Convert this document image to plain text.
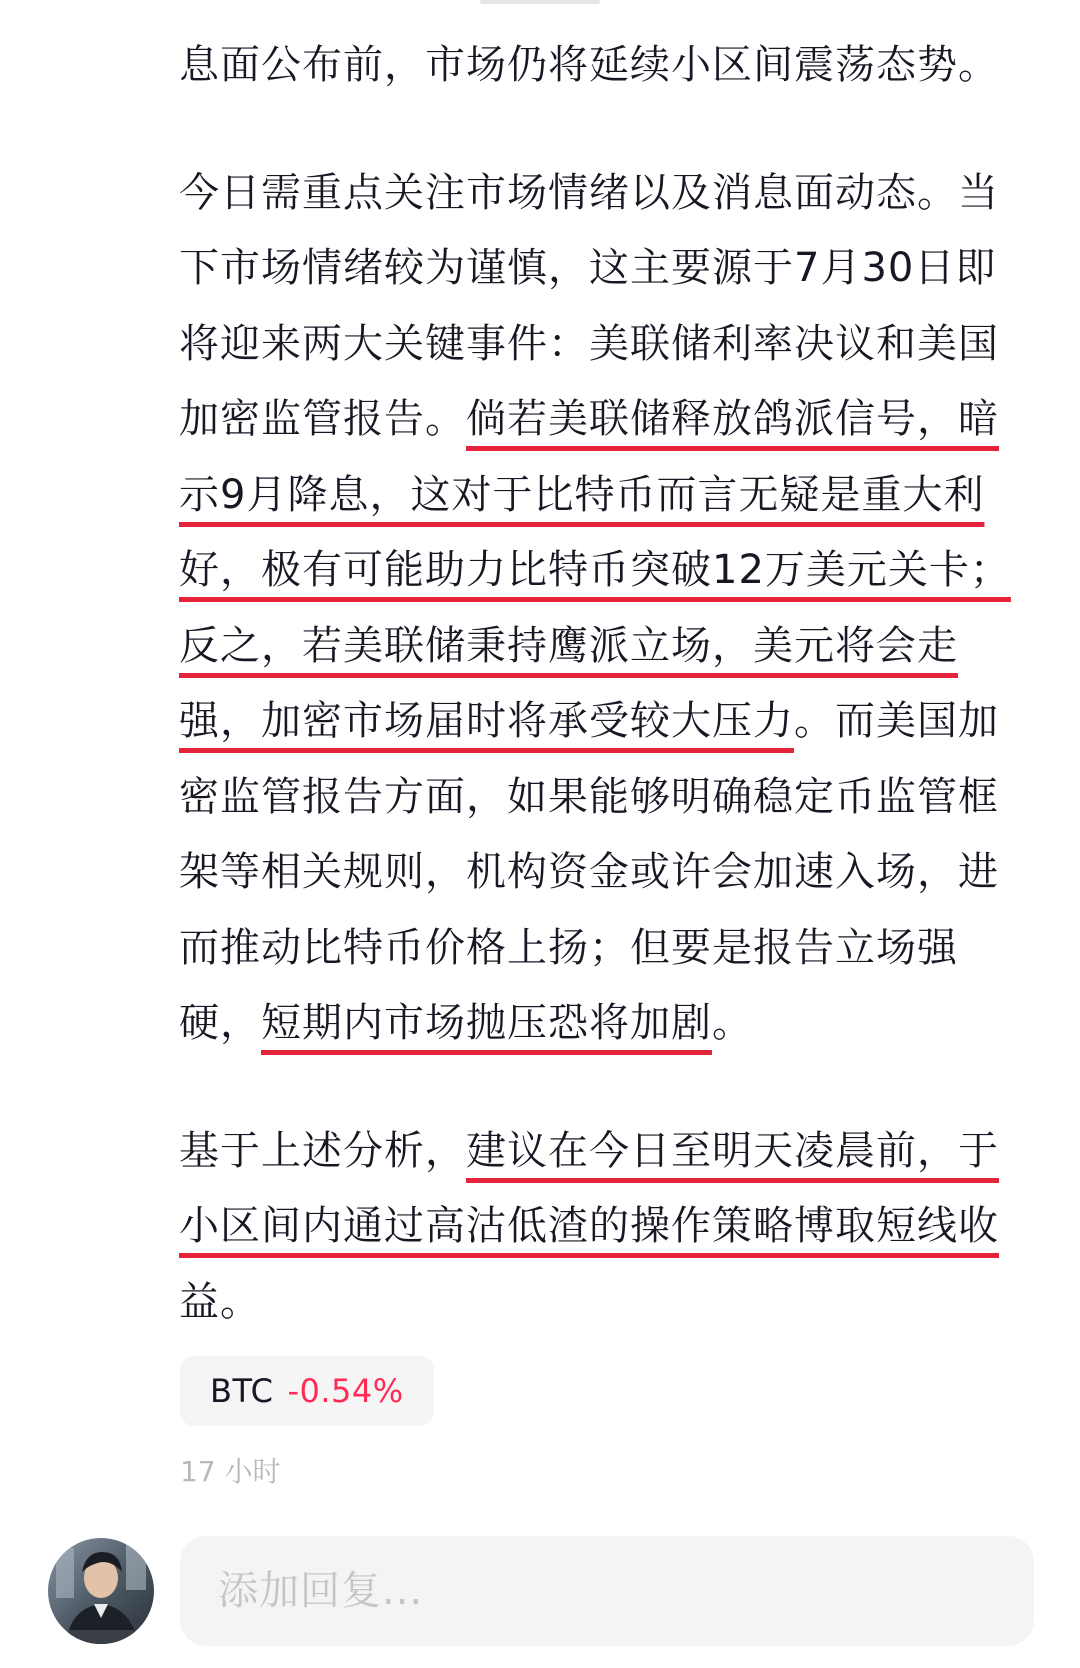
息面公布前，市场仍将延续小区间震荡态势。

今日需重点关注市场情绪以及消息面动态。当下市场情绪较为谨慎，这主要源于7月30日即将迎来两大关键事件：美联储利率决议和美国加密监管报告。倘若美联储释放鸽派信号，暗示9月降息，这对于比特币而言无疑是重大利好，极有可能助力比特币突破12万美元关卡；反之，若美联储秉持鹰派立场，美元将会走强，加密市场届时将承受较大压力。而美国加密监管报告方面，如果能够明确稳定币监管框架等相关规则，机构资金或许会加速入场，进而推动比特币价格上扬；但要是报告立场强硬，短期内市场抛压恐将加剧。

基于上述分析，建议在今日至明天凌晨前，于小区间内通过高沽低渣的操作策略博取短线收益。

BTC -0.54%
17 小时
添加回复...
